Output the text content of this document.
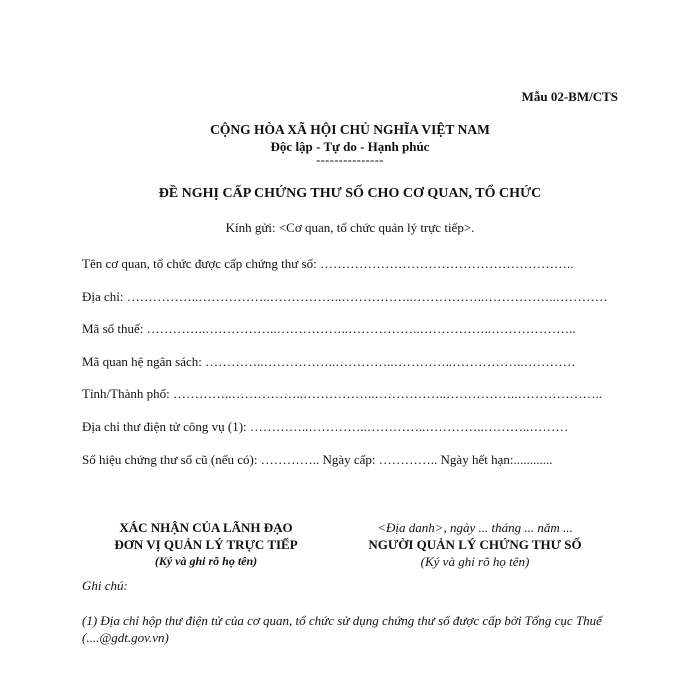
Mẫu 02-BM/CTS
CỘNG HÒA XÃ HỘI CHỦ NGHĨA VIỆT NAM
Độc lập - Tự do - Hạnh phúc
---------------
ĐỀ NGHỊ CẤP CHỨNG THƯ SỐ CHO CƠ QUAN, TỔ CHỨC
Kính gửi: <Cơ quan, tổ chức quản lý trực tiếp>.
Tên cơ quan, tổ chức được cấp chứng thư số: …………………………………………………..
Địa chỉ: ……………..……………..……………..……………..……………..……………..…………
Mã số thuế: …………..……………..……………..……………..……………..………………..
Mã quan hệ ngân sách: …………..……………..…………..…………..……………..…………
Tỉnh/Thành phố: …………..……………..……………..……………..……………..………………..
Địa chỉ thư điện tử công vụ (1): …………..…………..…………..…………..………..………
Số hiệu chứng thư số cũ (nếu có): ………….. Ngày cấp: ………….. Ngày hết hạn:............
XÁC NHẬN CỦA LÃNH ĐẠO
ĐƠN VỊ QUẢN LÝ TRỰC TIẾP
(Ký và ghi rõ họ tên)
<Địa danh>, ngày ... tháng ... năm ...
NGƯỜI QUẢN LÝ CHỨNG THƯ SỐ
(Ký và ghi rõ họ tên)
Ghi chú:
(1) Địa chỉ hộp thư điện tử của cơ quan, tổ chức sử dụng chứng thư số được cấp bởi Tổng cục Thuế (....@gdt.gov.vn)
